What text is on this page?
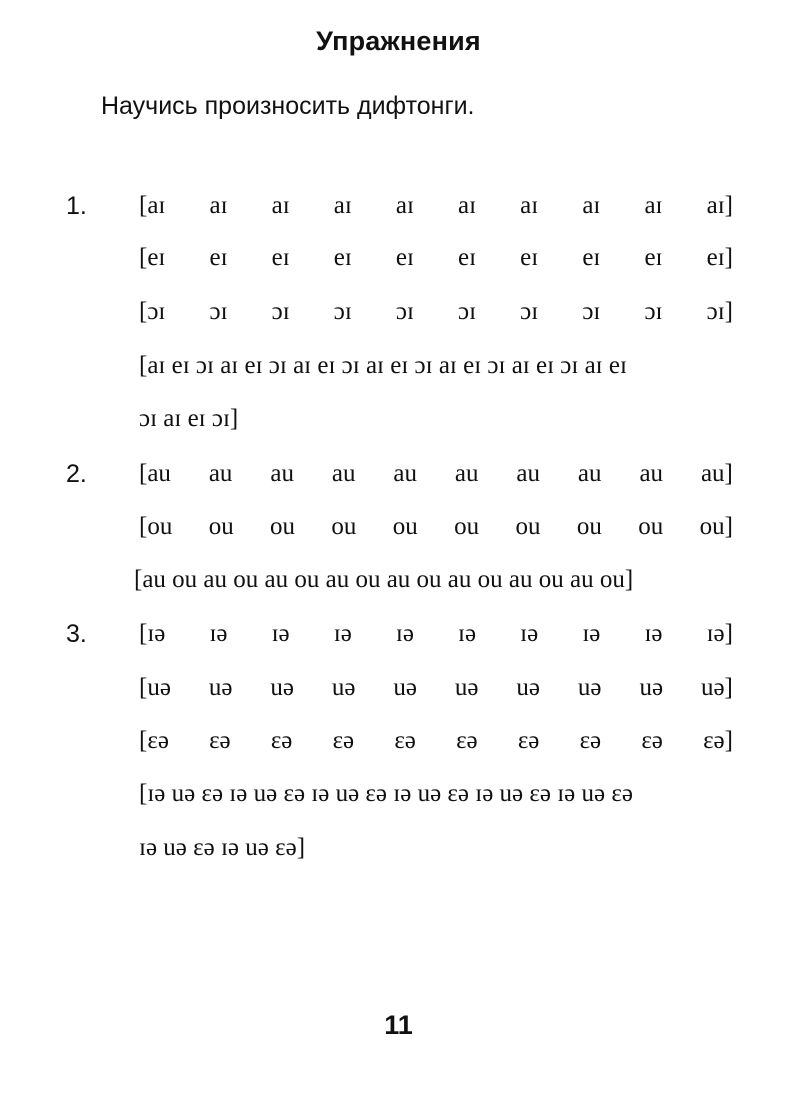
Упражнения
Научись произносить дифтонги.
1. [aɪ aɪ aɪ aɪ aɪ aɪ aɪ aɪ aɪ aɪ]
[eɪ eɪ eɪ eɪ eɪ eɪ eɪ eɪ eɪ eɪ]
[ɔɪ ɔɪ ɔɪ ɔɪ ɔɪ ɔɪ ɔɪ ɔɪ ɔɪ ɔɪ]
[aɪ eɪ ɔɪ aɪ eɪ ɔɪ aɪ eɪ ɔɪ aɪ eɪ ɔɪ aɪ eɪ ɔɪ aɪ eɪ ɔɪ aɪ eɪ
ɔɪ aɪ eɪ ɔɪ]
2. [au au au au au au au au au au]
[ou ou ou ou ou ou ou ou ou ou]
[au ou au ou au ou au ou au ou au ou au ou au ou]
3. [ɪə ɪə ɪə ɪə ɪə ɪə ɪə ɪə ɪə ɪə]
[uə uə uə uə uə uə uə uə uə uə]
[ɛə ɛə ɛə ɛə ɛə ɛə ɛə ɛə ɛə ɛə]
[ɪə uə ɛə ɪə uə ɛə ɪə uə ɛə ɪə uə ɛə ɪə uə ɛə ɪə uə ɛə
ɪə uə ɛə ɪə uə ɛə]
11
